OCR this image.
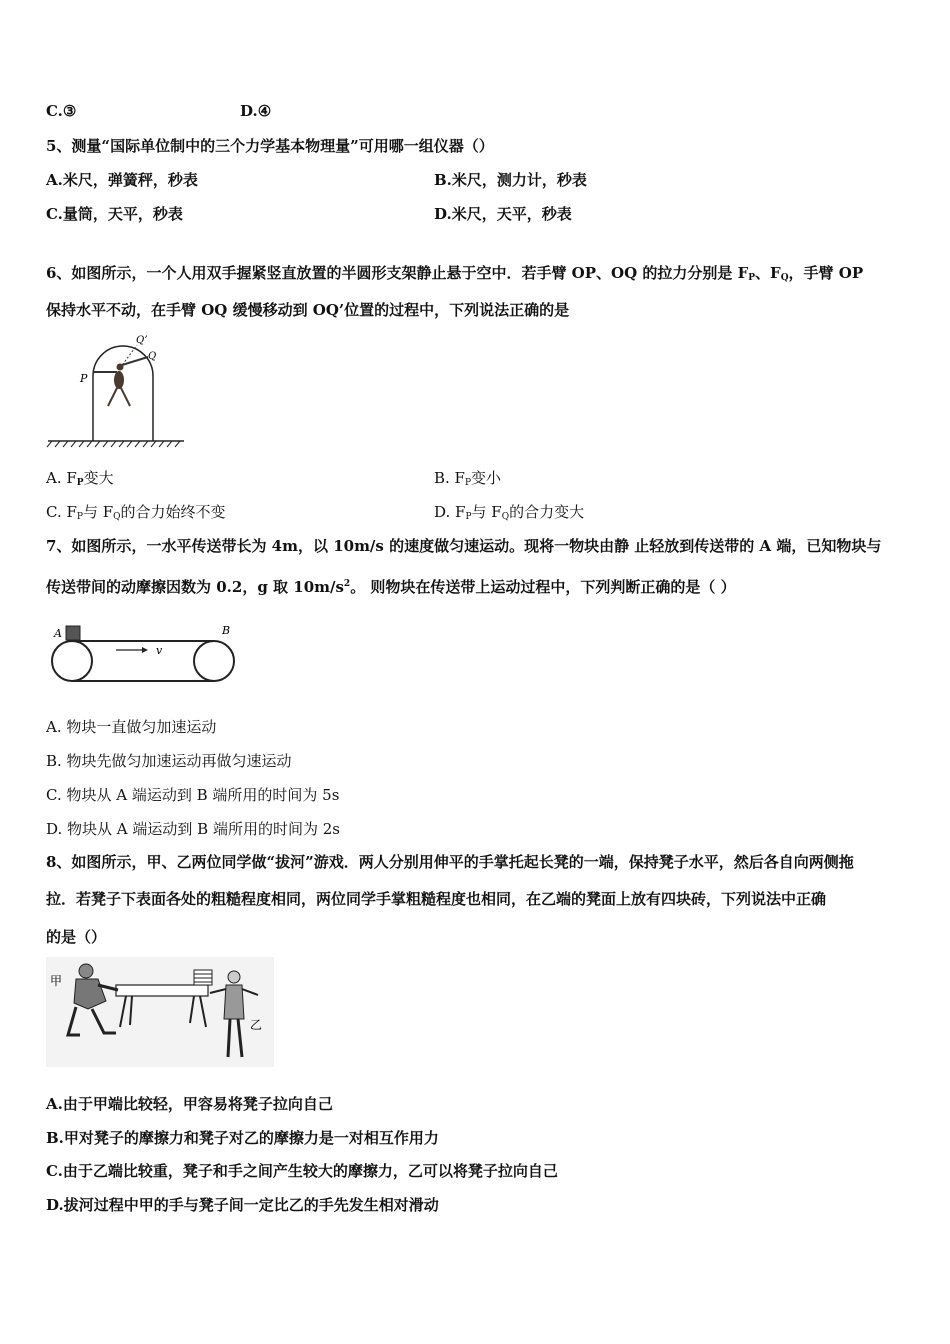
C.③	D.④
5、测量“国际单位制中的三个力学基本物理量”可用哪一组仪器（）
A.米尺，弹簧秤，秒表	B.米尺，测力计，秒表
C.量筒，天平，秒表	D.米尺，天平，秒表
6、如图所示，一个人用双手握紧竖直放置的半圆形支架静止悬于空中．若手臂 OP、OQ 的拉力分别是 $F_P$、$F_Q$，手臂 OP
保持水平不动，在手臂 OQ 缓慢移动到 OQ’位置的过程中，下列说法正确的是
P
Q’
Q
A. $F_P$变大	B. $F_P$变小
C. $F_P$与 $F_Q$的合力始终不变	D. $F_P$与 $F_Q$的合力变大
7、如图所示，一水平传送带长为 4m，以 10m/s 的速度做匀速运动。现将一物块由静 止轻放到传送带的 A 端，已知物块与
传送带间的动摩擦因数为 0.2，g 取 $10m/s^2$。 则物块在传送带上运动过程中，下列判断正确的是（ ）
A	B
v
A. 物块一直做匀加速运动
B. 物块先做匀加速运动再做匀速运动
C. 物块从 A 端运动到 B 端所用的时间为 5s
D. 物块从 A 端运动到 B 端所用的时间为 2s
8、如图所示，甲、乙两位同学做“拔河”游戏．两人分别用伸平的手掌托起长凳的一端，保持凳子水平，然后各自向两侧拖
拉．若凳子下表面各处的粗糙程度相同，两位同学手掌粗糙程度也相同，在乙端的凳面上放有四块砖，下列说法中正确
的是（）
甲
乙
A.由于甲端比较轻，甲容易将凳子拉向自己
B.甲对凳子的摩擦力和凳子对乙的摩擦力是一对相互作用力
C.由于乙端比较重，凳子和手之间产生较大的摩擦力，乙可以将凳子拉向自己
D.拔河过程中甲的手与凳子间一定比乙的手先发生相对滑动
